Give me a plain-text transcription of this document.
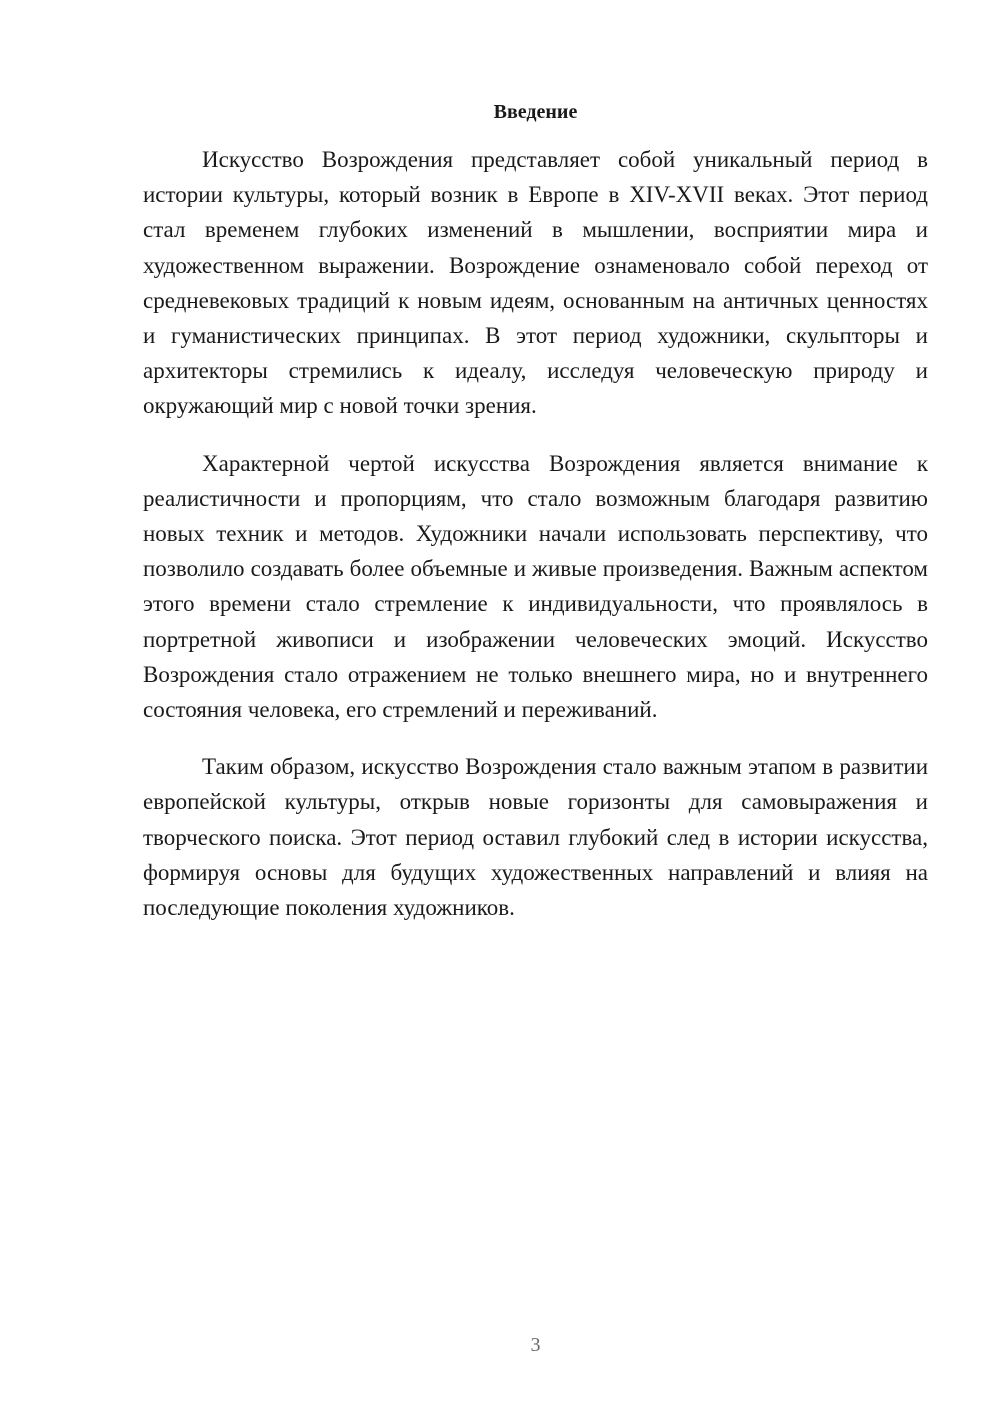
Введение

Искусство Возрождения представляет собой уникальный период в истории культуры, который возник в Европе в XIV-XVII веках. Этот период стал временем глубоких изменений в мышлении, восприятии мира и художественном выражении. Возрождение ознаменовало собой переход от средневековых традиций к новым идеям, основанным на античных ценностях и гуманистических принципах. В этот период художники, скульпторы и архитекторы стремились к идеалу, исследуя человеческую природу и окружающий мир с новой точки зрения.

Характерной чертой искусства Возрождения является внимание к реалистичности и пропорциям, что стало возможным благодаря развитию новых техник и методов. Художники начали использовать перспективу, что позволило создавать более объемные и живые произведения. Важным аспектом этого времени стало стремление к индивидуальности, что проявлялось в портретной живописи и изображении человеческих эмоций. Искусство Возрождения стало отражением не только внешнего мира, но и внутреннего состояния человека, его стремлений и переживаний.

Таким образом, искусство Возрождения стало важным этапом в развитии европейской культуры, открыв новые горизонты для самовыражения и творческого поиска. Этот период оставил глубокий след в истории искусства, формируя основы для будущих художественных направлений и влияя на последующие поколения художников.

3
